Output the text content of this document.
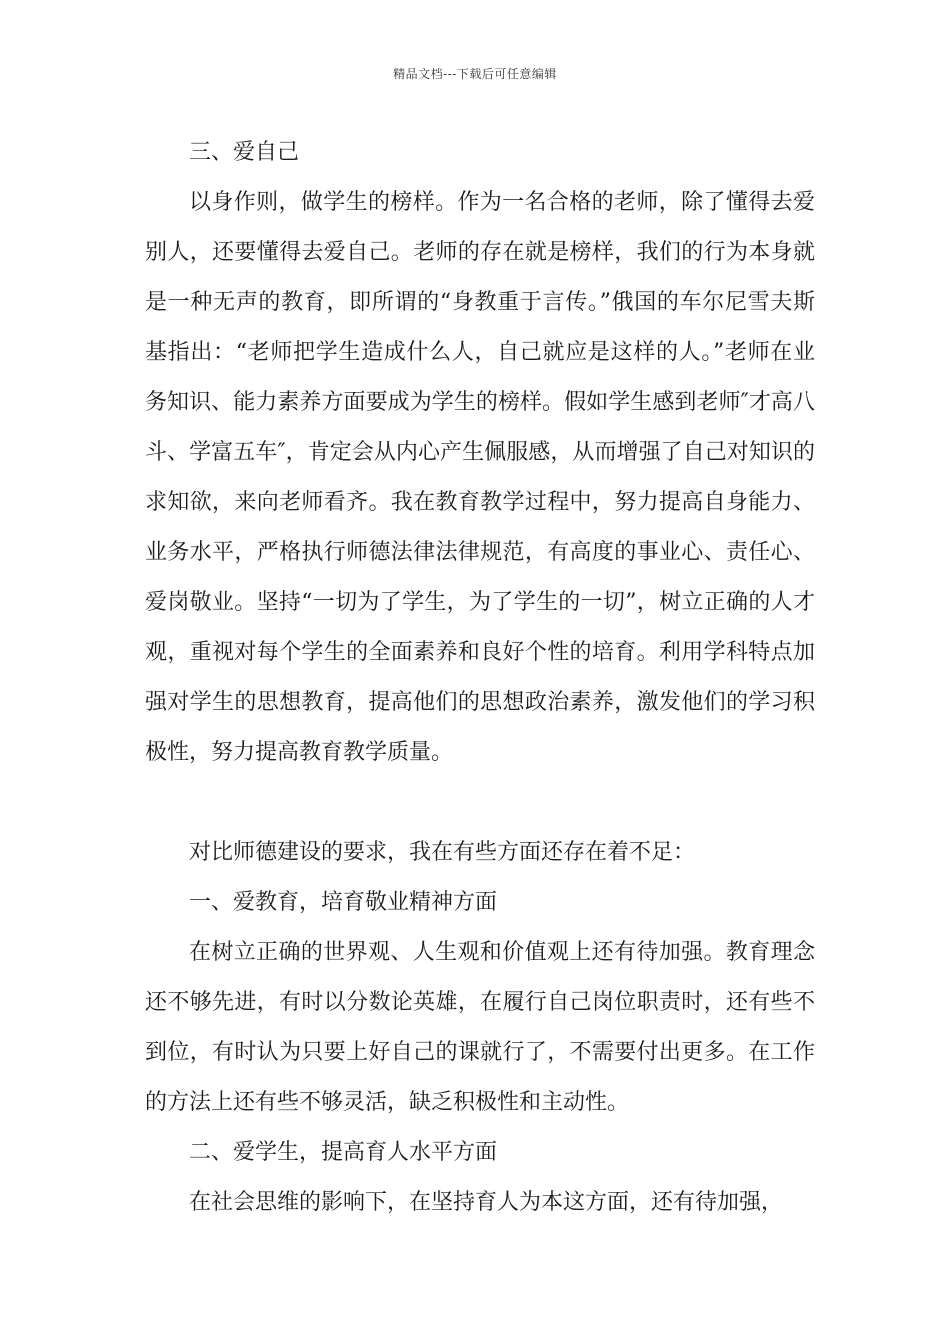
精品文档---下载后可任意编辑

三、爱自己

以身作则，做学生的榜样。作为一名合格的老师，除了懂得去爱别人，还要懂得去爱自己。老师的存在就是榜样，我们的行为本身就是一种无声的教育，即所谓的“身教重于言传。”俄国的车尔尼雪夫斯基指出：“老师把学生造成什么人，自己就应是这样的人。”老师在业务知识、能力素养方面要成为学生的榜样。假如学生感到老师″才高八斗、学富五车″，肯定会从内心产生佩服感，从而增强了自己对知识的求知欲，来向老师看齐。我在教育教学过程中，努力提高自身能力、业务水平，严格执行师德法律法律规范，有高度的事业心、责任心、爱岗敬业。坚持“一切为了学生，为了学生的一切”，树立正确的人才观，重视对每个学生的全面素养和良好个性的培育。利用学科特点加强对学生的思想教育，提高他们的思想政治素养，激发他们的学习积极性，努力提高教育教学质量。

对比师德建设的要求，我在有些方面还存在着不足：

一、爱教育，培育敬业精神方面

在树立正确的世界观、人生观和价值观上还有待加强。教育理念还不够先进，有时以分数论英雄，在履行自己岗位职责时，还有些不到位，有时认为只要上好自己的课就行了，不需要付出更多。在工作的方法上还有些不够灵活，缺乏积极性和主动性。

二、爱学生，提高育人水平方面

在社会思维的影响下，在坚持育人为本这方面，还有待加强，
